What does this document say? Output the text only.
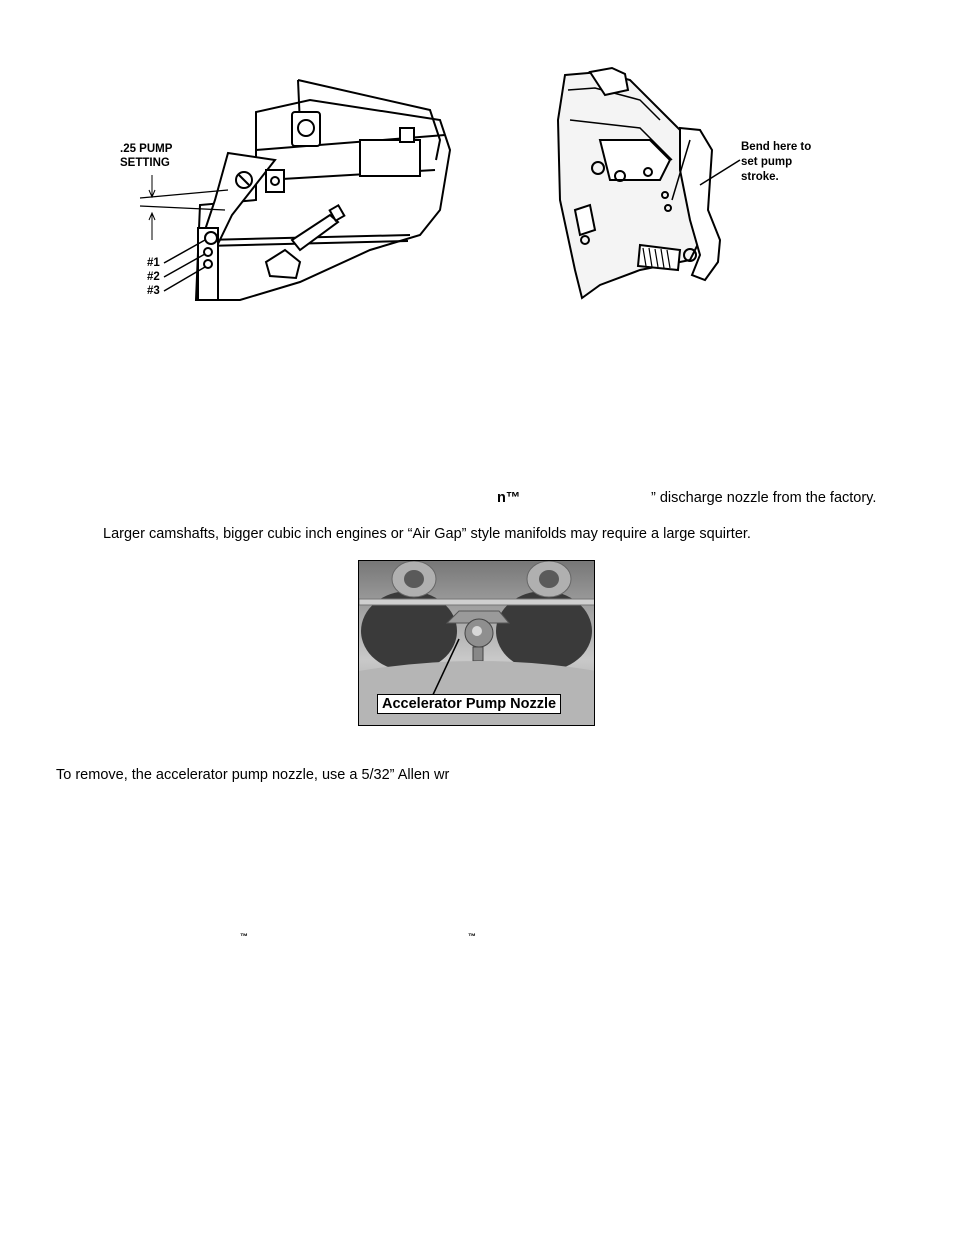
.25 PUMP
SETTING
#1
#2
#3
Bend here to
set pump
stroke.
n™	” discharge nozzle from the factory.
Larger camshafts, bigger cubic inch engines or “Air Gap” style manifolds may require a large squirter.
Accelerator Pump Nozzle
To remove, the accelerator pump nozzle, use a 5/32” Allen wr
™	™
